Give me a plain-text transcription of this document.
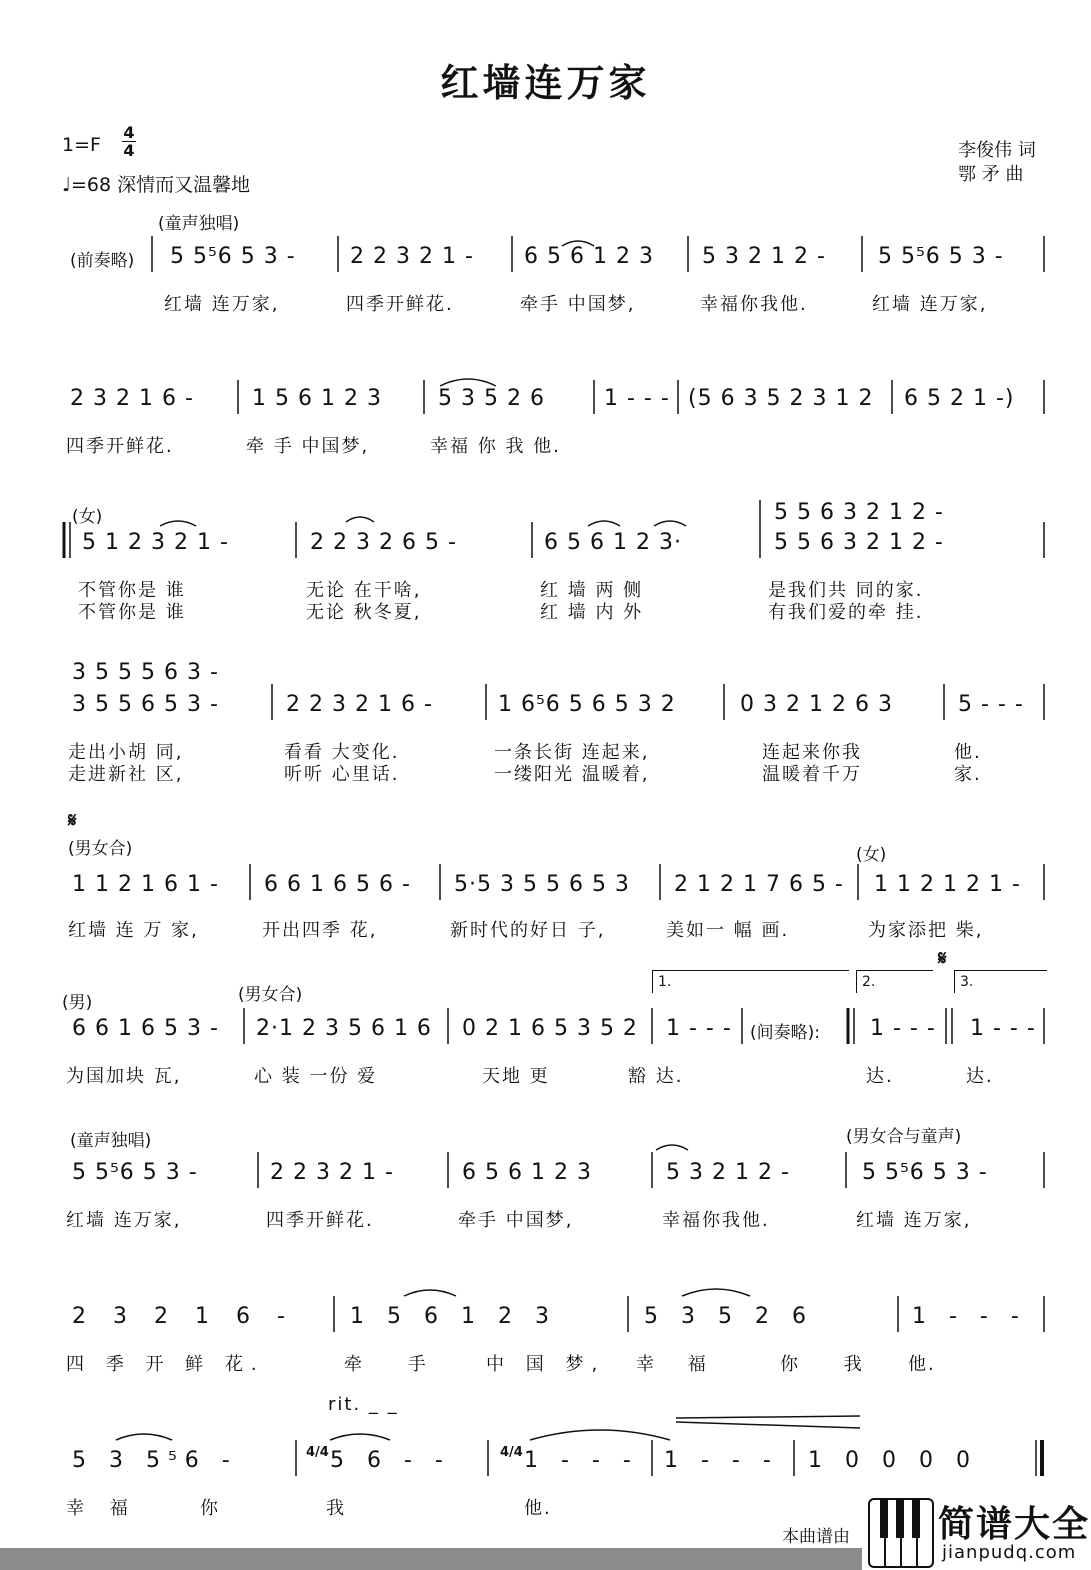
红墙连万家
1=F
4
4
♩=68 深情而又温馨地
李俊伟 词
鄂 矛 曲
(童声独唱)
(前奏略) 5 5⁵6 5 3 - 2 2 3 2 1 - 6 5 6 1 2 3 5 3 2 1 2 - 5 5⁵6 5 3 -
红墙 连万家,	四季开鲜花.	牵手 中国梦,	幸福你我他.	红墙 连万家,
2 3 2 1 6 -	1 5 6 1 2 3	5 3 5 2 6	1 - - - (5 6 3 5 2 3 1 2 6 5 2 1 -)
四季开鲜花.	牵 手 中国梦,	幸福 你 我 他.
(女)	5 5 6 3 2 1 2 -
5 1 2 3 2 1 -	2 2 3 2 6 5 -	6 5 6 1 2 3·	5 5 6 3 2 1 2 -
不管你是 谁	无论 在干啥,	红 墙 两 侧	是我们共 同的家.
不管你是 谁	无论 秋冬夏,	红 墙 内 外	有我们爱的牵 挂.
3 5 5 5 6 3 -
3 5 5 6 5 3 -	2 2 3 2 1 6 -	1 6⁵6 5 6 5 3 2	0 3 2 1 2 6 3	5 - - -
走出小胡 同,	看看 大变化.	一条长街 连起来,	连起来你我	他.
走进新社 区,	听听 心里话.	一缕阳光 温暖着,	温暖着千万	家.
𝄋
(男女合)	(女)
1 1 2 1 6 1 - 6 6 1 6 5 6 - 5·5 3 5 5 6 5 3 2 1 2 1 7 6 5 - 1 1 2 1 2 1 -
红墙 连 万 家,	开出四季 花,	新时代的好日 子,	美如一 幅 画.	为家添把 柴,
(男)	(男女合)
1.	2.	3.
𝄋
6 6 1 6 5 3 - 2·1 2 3 5 6 1 6 0 2 1 6 5 3 5 2 1 - - - (间奏略): 1 - - - 1 - - -
为国加块 瓦,	心 装 一份 爱	天地 更	豁 达.	达.	达.
(童声独唱)	(男女合与童声)
5 5⁵6 5 3 -	2 2 3 2 1 -	6 5 6 1 2 3	5 3 2 1 2 -	5 5⁵6 5 3 -
红墙 连万家,	四季开鲜花.	牵手 中国梦,	幸福你我他.	红墙 连万家,
2 3 2 1 6 -	1 5 6 1 2 3	5 3 5 2 6	1 - - -
四 季 开 鲜 花.	牵 手 中 国 梦, 幸 福	你 我 他.
rit. _ _
5 3 5⁵6 -	4/4 5 6 - -	4/4 1 - - - 1 - - - 1 0 0 0 0
幸 福	你	我	他.
本曲谱由 简谱大全
jianpudq.com
